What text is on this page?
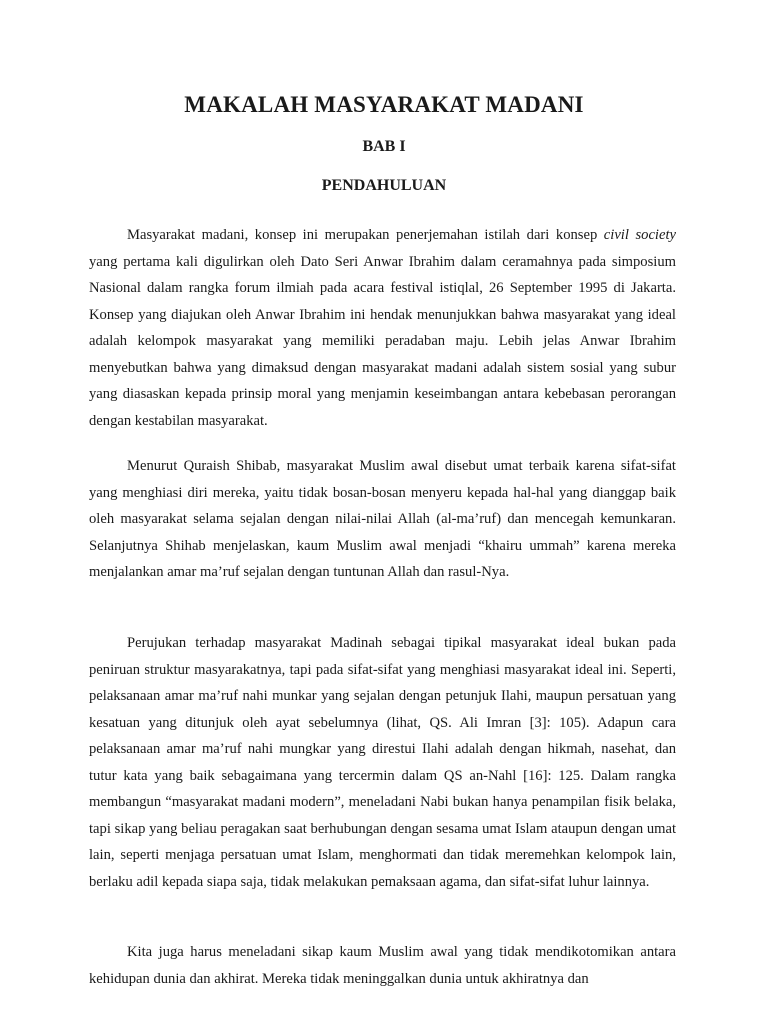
MAKALAH MASYARAKAT MADANI
BAB I
PENDAHULUAN

Masyarakat madani, konsep ini merupakan penerjemahan istilah dari konsep civil society yang pertama kali digulirkan oleh Dato Seri Anwar Ibrahim dalam ceramahnya pada simposium Nasional dalam rangka forum ilmiah pada acara festival istiqlal, 26 September 1995 di Jakarta. Konsep yang diajukan oleh Anwar Ibrahim ini hendak menunjukkan bahwa masyarakat yang ideal adalah kelompok masyarakat yang memiliki peradaban maju. Lebih jelas Anwar Ibrahim menyebutkan bahwa yang dimaksud dengan masyarakat madani adalah sistem sosial yang subur yang diasaskan kepada prinsip moral yang menjamin keseimbangan antara kebebasan perorangan dengan kestabilan masyarakat.

Menurut Quraish Shibab, masyarakat Muslim awal disebut umat terbaik karena sifat-sifat yang menghiasi diri mereka, yaitu tidak bosan-bosan menyeru kepada hal-hal yang dianggap baik oleh masyarakat selama sejalan dengan nilai-nilai Allah (al-ma’ruf) dan mencegah kemunkaran. Selanjutnya Shihab menjelaskan, kaum Muslim awal menjadi “khairu ummah” karena mereka menjalankan amar ma’ruf sejalan dengan tuntunan Allah dan rasul-Nya.

Perujukan terhadap masyarakat Madinah sebagai tipikal masyarakat ideal bukan pada peniruan struktur masyarakatnya, tapi pada sifat-sifat yang menghiasi masyarakat ideal ini. Seperti, pelaksanaan amar ma’ruf nahi munkar yang sejalan dengan petunjuk Ilahi, maupun persatuan yang kesatuan yang ditunjuk oleh ayat sebelumnya (lihat, QS. Ali Imran [3]: 105). Adapun cara pelaksanaan amar ma’ruf nahi mungkar yang direstui Ilahi adalah dengan hikmah, nasehat, dan tutur kata yang baik sebagaimana yang tercermin dalam QS an-Nahl [16]: 125. Dalam rangka membangun “masyarakat madani modern”, meneladani Nabi bukan hanya penampilan fisik belaka, tapi sikap yang beliau peragakan saat berhubungan dengan sesama umat Islam ataupun dengan umat lain, seperti menjaga persatuan umat Islam, menghormati dan tidak meremehkan kelompok lain, berlaku adil kepada siapa saja, tidak melakukan pemaksaan agama, dan sifat-sifat luhur lainnya.

Kita juga harus meneladani sikap kaum Muslim awal yang tidak mendikotomikan antara kehidupan dunia dan akhirat. Mereka tidak meninggalkan dunia untuk akhiratnya dan
